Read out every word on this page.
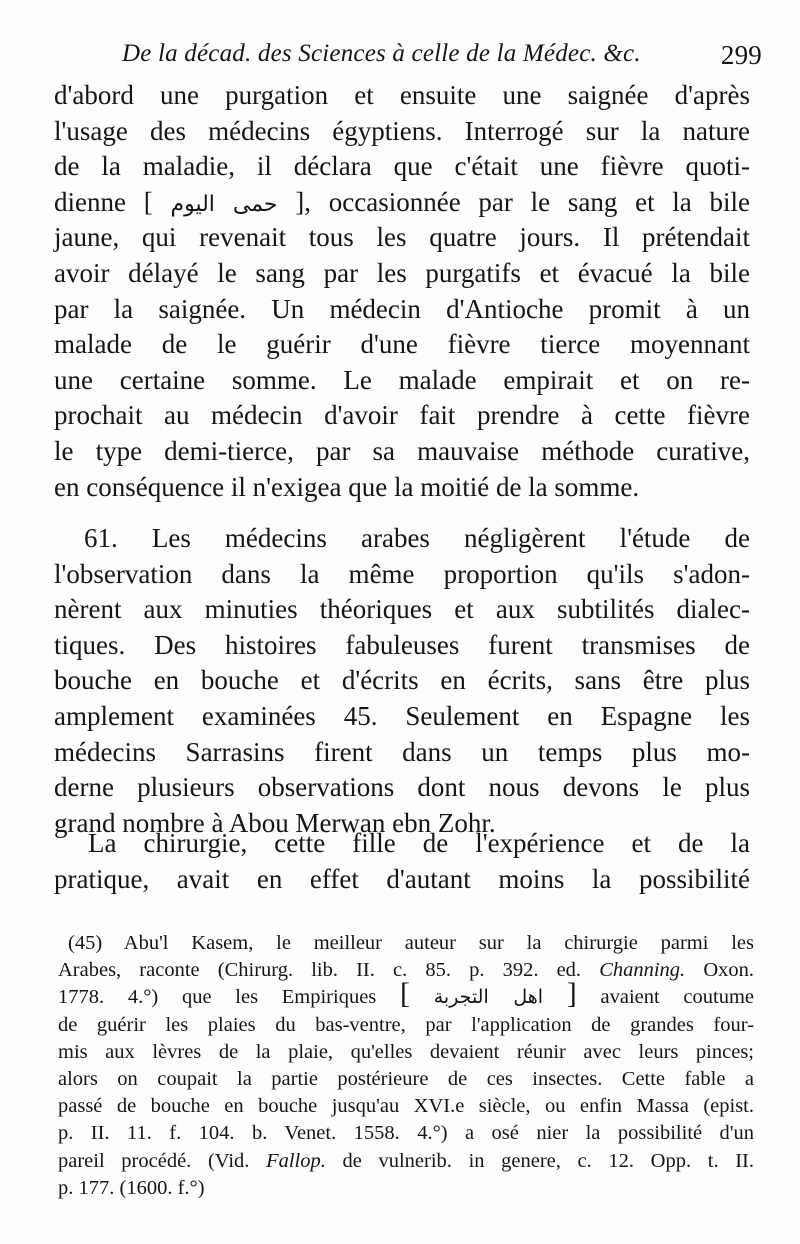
De la décad. des Sciences à celle de la Médec. &c.	299
d'abord une purgation et ensuite une saignée d'après
l'usage des médecins égyptiens. Interrogé sur la nature
de la maladie, il déclara que c'était une fièvre quoti-
dienne [ حمى اليوم ], occasionnée par le sang et la bile
jaune, qui revenait tous les quatre jours. Il prétendait
avoir délayé le sang par les purgatifs et évacué la bile
par la saignée. Un médecin d'Antioche promit à un
malade de le guérir d'une fièvre tierce moyennant
une certaine somme. Le malade empirait et on re-
prochait au médecin d'avoir fait prendre à cette fièvre
le type demi-tierce, par sa mauvaise méthode curative,
en conséquence il n'exigea que la moitié de la somme.
61. Les médecins arabes négligèrent l'étude de
l'observation dans la même proportion qu'ils s'adon-
nèrent aux minuties théoriques et aux subtilités dialec-
tiques. Des histoires fabuleuses furent transmises de
bouche en bouche et d'écrits en écrits, sans être plus
amplement examinées 45. Seulement en Espagne les
médecins Sarrasins firent dans un temps plus mo-
derne plusieurs observations dont nous devons le plus
grand nombre à Abou Merwan ebn Zohr.
La chirurgie, cette fille de l'expérience et de la
pratique, avait en effet d'autant moins la possibilité
(45) Abu'l Kasem, le meilleur auteur sur la chirurgie parmi les
Arabes, raconte (Chirurg. lib. II. c. 85. p. 392. ed. Channing. Oxon.
1778. 4.°) que les Empiriques [ اهل التجربة ] avaient coutume
de guérir les plaies du bas-ventre, par l'application de grandes four-
mis aux lèvres de la plaie, qu'elles devaient réunir avec leurs pinces;
alors on coupait la partie postérieure de ces insectes. Cette fable a
passé de bouche en bouche jusqu'au XVI.e siècle, ou enfin Massa (epist.
p. II. 11. f. 104. b. Venet. 1558. 4.°) a osé nier la possibilité d'un
pareil procédé. (Vid. Fallop. de vulnerib. in genere, c. 12. Opp. t. II.
p. 177. (1600. f.°)
